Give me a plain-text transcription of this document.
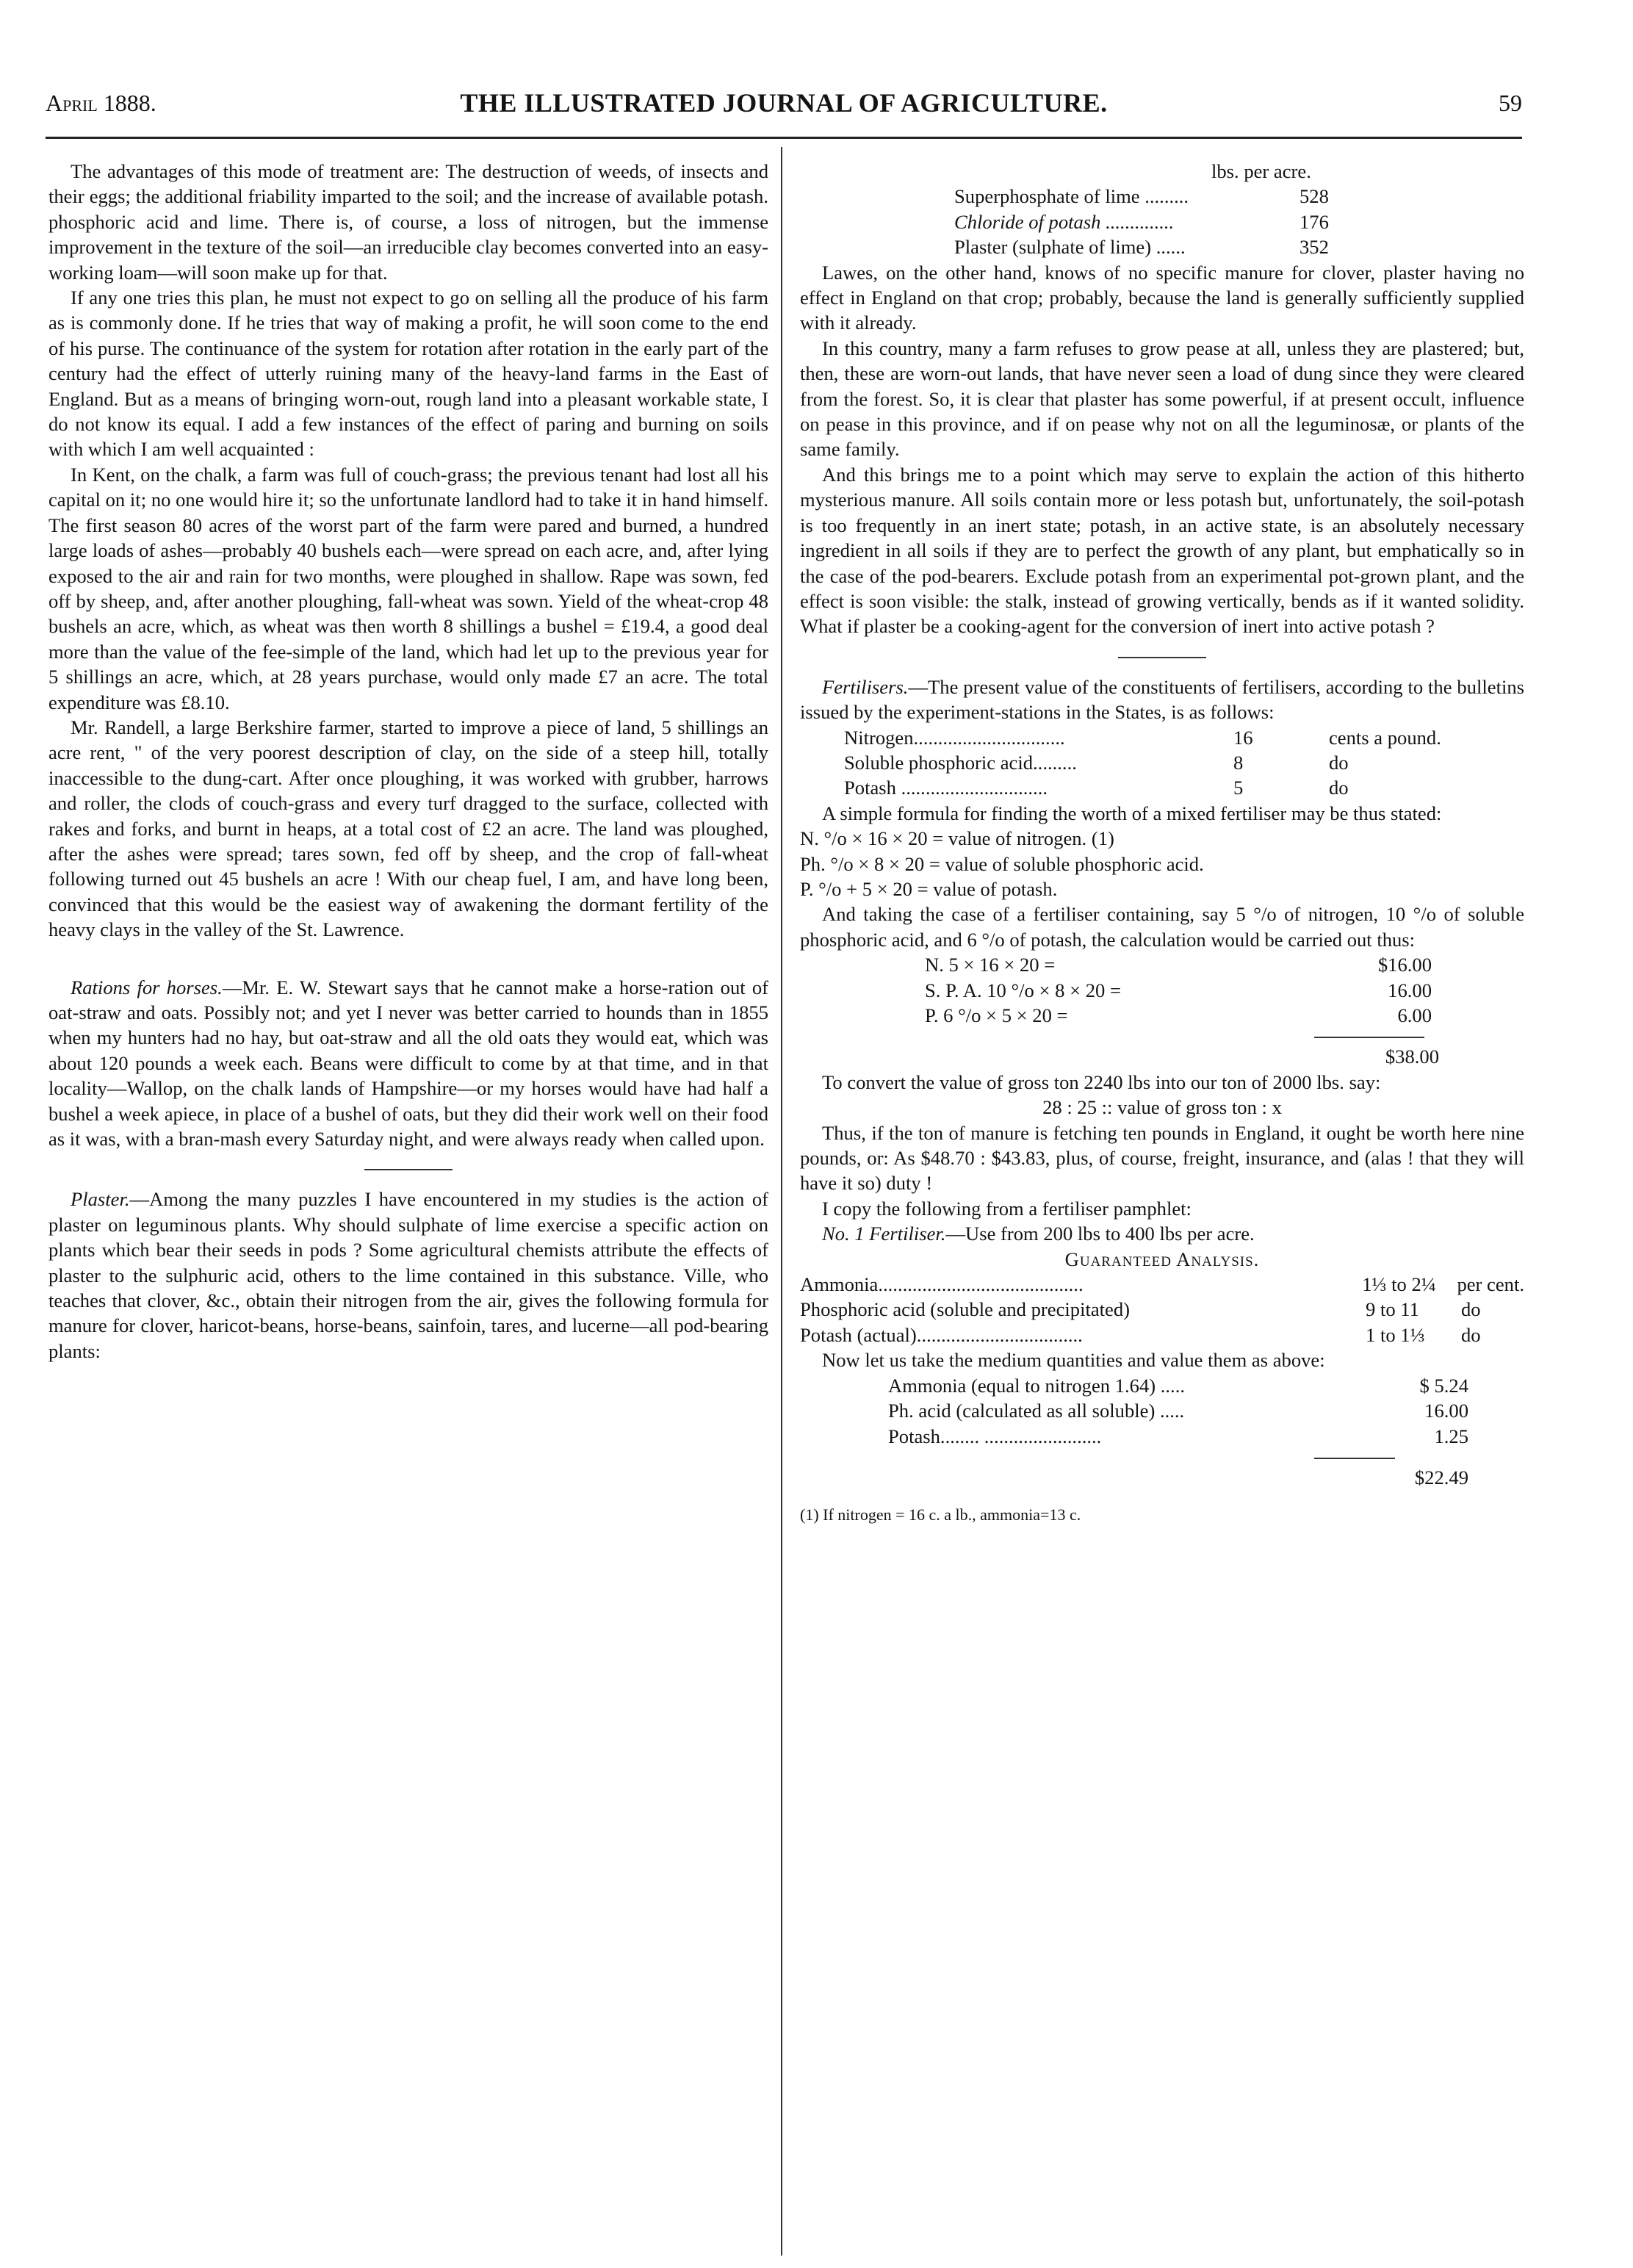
April 1888.	THE ILLUSTRATED JOURNAL OF AGRICULTURE.	59

The advantages of this mode of treatment are: The destruction of weeds, of insects and their eggs; the additional friability imparted to the soil; and the increase of available potash. phosphoric acid and lime. There is, of course, a loss of nitrogen, but the immense improvement in the texture of the soil—an irreducible clay becomes converted into an easy-working loam—will soon make up for that.

If any one tries this plan, he must not expect to go on selling all the produce of his farm as is commonly done. If he tries that way of making a profit, he will soon come to the end of his purse. The continuance of the system for rotation after rotation in the early part of the century had the effect of utterly ruining many of the heavy-land farms in the East of England. But as a means of bringing worn-out, rough land into a pleasant workable state, I do not know its equal. I add a few instances of the effect of paring and burning on soils with which I am well acquainted :

In Kent, on the chalk, a farm was full of couch-grass; the previous tenant had lost all his capital on it; no one would hire it; so the unfortunate landlord had to take it in hand himself. The first season 80 acres of the worst part of the farm were pared and burned, a hundred large loads of ashes—probably 40 bushels each—were spread on each acre, and, after lying exposed to the air and rain for two months, were ploughed in shallow. Rape was sown, fed off by sheep, and, after another ploughing, fall-wheat was sown. Yield of the wheat-crop 48 bushels an acre, which, as wheat was then worth 8 shillings a bushel = £19.4, a good deal more than the value of the fee-simple of the land, which had let up to the previous year for 5 shillings an acre, which, at 28 years purchase, would only made £7 an acre. The total expenditure was £8.10.

Mr. Randell, a large Berkshire farmer, started to improve a piece of land, 5 shillings an acre rent, " of the very poorest description of clay, on the side of a steep hill, totally inaccessible to the dung-cart. After once ploughing, it was worked with grubber, harrows and roller, the clods of couch-grass and every turf dragged to the surface, collected with rakes and forks, and burnt in heaps, at a total cost of £2 an acre. The land was ploughed, after the ashes were spread; tares sown, fed off by sheep, and the crop of fall-wheat following turned out 45 bushels an acre ! With our cheap fuel, I am, and have long been, convinced that this would be the easiest way of awakening the dormant fertility of the heavy clays in the valley of the St. Lawrence.

Rations for horses.—Mr. E. W. Stewart says that he cannot make a horse-ration out of oat-straw and oats. Possibly not; and yet I never was better carried to hounds than in 1855 when my hunters had no hay, but oat-straw and all the old oats they would eat, which was about 120 pounds a week each. Beans were difficult to come by at that time, and in that locality—Wallop, on the chalk lands of Hampshire—or my horses would have had half a bushel a week apiece, in place of a bushel of oats, but they did their work well on their food as it was, with a bran-mash every Saturday night, and were always ready when called upon.

Plaster.—Among the many puzzles I have encountered in my studies is the action of plaster on leguminous plants. Why should sulphate of lime exercise a specific action on plants which bear their seeds in pods ? Some agricultural chemists attribute the effects of plaster to the sulphuric acid, others to the lime contained in this substance. Ville, who teaches that clover, &c., obtain their nitrogen from the air, gives the following formula for manure for clover, haricot-beans, horse-beans, sainfoin, tares, and lucerne—all pod-bearing plants:

lbs. per acre.
Superphosphate of lime .........	528
Chloride of potash ..............	176
Plaster (sulphate of lime) ......	352

Lawes, on the other hand, knows of no specific manure for clover, plaster having no effect in England on that crop; probably, because the land is generally sufficiently supplied with it already.

In this country, many a farm refuses to grow pease at all, unless they are plastered; but, then, these are worn-out lands, that have never seen a load of dung since they were cleared from the forest. So, it is clear that plaster has some powerful, if at present occult, influence on pease in this province, and if on pease why not on all the leguminosæ, or plants of the same family.

And this brings me to a point which may serve to explain the action of this hitherto mysterious manure. All soils contain more or less potash but, unfortunately, the soil-potash is too frequently in an inert state; potash, in an active state, is an absolutely necessary ingredient in all soils if they are to perfect the growth of any plant, but emphatically so in the case of the pod-bearers. Exclude potash from an experimental pot-grown plant, and the effect is soon visible: the stalk, instead of growing vertically, bends as if it wanted solidity. What if plaster be a cooking-agent for the conversion of inert into active potash ?

Fertilisers.—The present value of the constituents of fertilisers, according to the bulletins issued by the experiment-stations in the States, is as follows:

Nitrogen...............................	16	cents a pound.
Soluble phosphoric acid.........	8	do
Potash ..............................	5	do

A simple formula for finding the worth of a mixed fertiliser may be thus stated:

N. °/o × 16 × 20 = value of nitrogen. (1)
Ph. °/o × 8 × 20 = value of soluble phosphoric acid.
P. °/o + 5 × 20 = value of potash.

And taking the case of a fertiliser containing, say 5 °/o of nitrogen, 10 °/o of soluble phosphoric acid, and 6 °/o of potash, the calculation would be carried out thus:

N. 5 × 16 × 20 =	$16.00
S. P. A. 10 °/o × 8 × 20 =	16.00
P. 6 °/o × 5 × 20 =	6.00
$38.00

To convert the value of gross ton 2240 lbs into our ton of 2000 lbs. say:

28 : 25 :: value of gross ton : x

Thus, if the ton of manure is fetching ten pounds in England, it ought be worth here nine pounds, or: As $48.70 : $43.83, plus, of course, freight, insurance, and (alas ! that they will have it so) duty !

I copy the following from a fertiliser pamphlet:

No. 1 Fertiliser.—Use from 200 lbs to 400 lbs per acre.

Guaranteed Analysis.
Ammonia..........................................	1⅓ to 2¼	per cent.
Phosphoric acid (soluble and precipitated)	9 to 11	do
Potash (actual)..................................	1 to 1⅓	do

Now let us take the medium quantities and value them as above:

Ammonia (equal to nitrogen 1.64) .....	$ 5.24
Ph. acid (calculated as all soluble) .....	16.00
Potash........ ........................	1.25
$22.49
(1) If nitrogen = 16 c. a lb., ammonia=13 c.
